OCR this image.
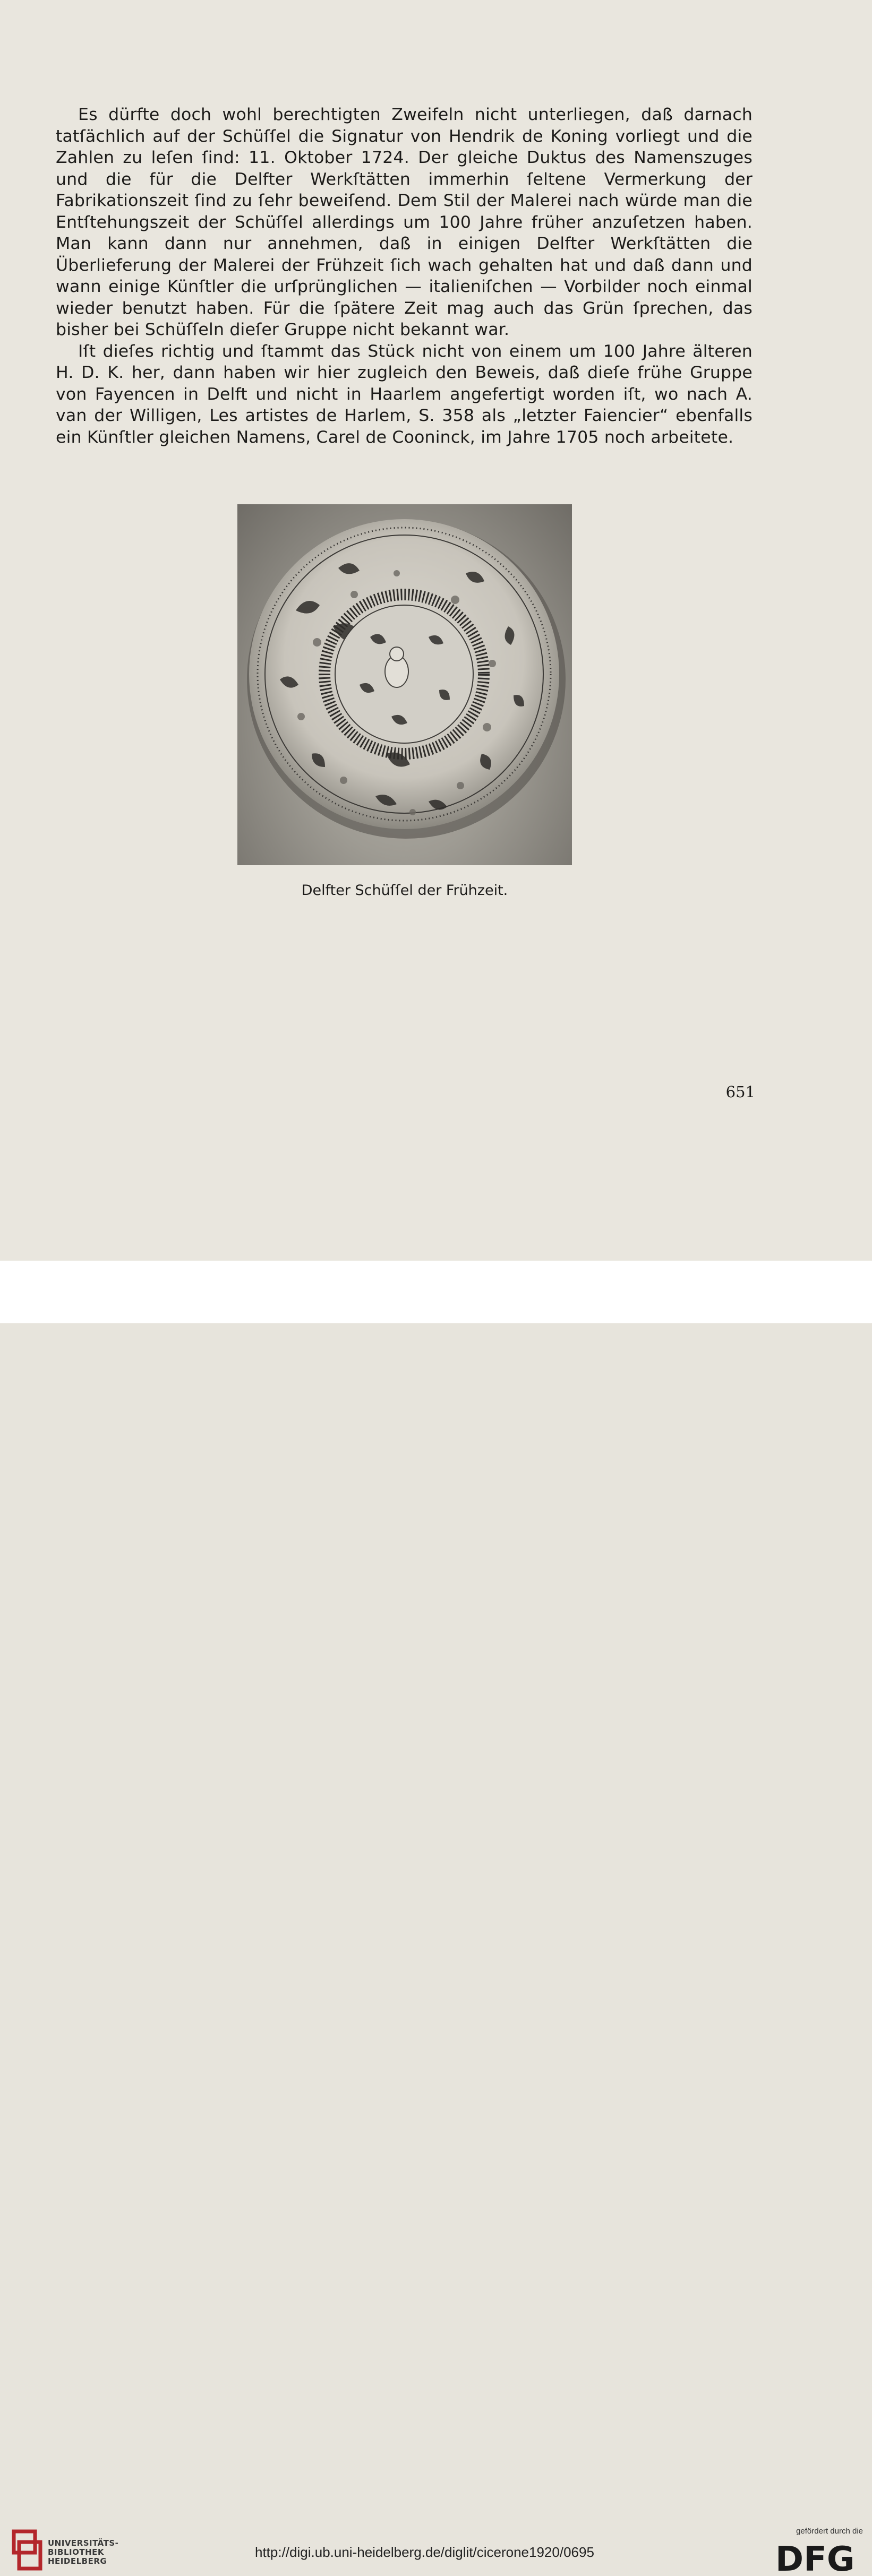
Es dürfte doch wohl berechtigten Zweifeln nicht unterliegen, daß darnach tatſächlich auf der Schüſſel die Signatur von Hendrik de Koning vorliegt und die Zahlen zu leſen ſind: 11. Oktober 1724. Der gleiche Duktus des Namenszuges und die für die Delfter Werkſtätten immerhin ſeltene Vermerkung der Fabrikationszeit ſind zu ſehr beweiſend. Dem Stil der Malerei nach würde man die Entſtehungszeit der Schüſſel allerdings um 100 Jahre früher anzuſetzen haben. Man kann dann nur annehmen, daß in einigen Delfter Werkſtätten die Überlieferung der Malerei der Frühzeit ſich wach gehalten hat und daß dann und wann einige Künſtler die urſprünglichen — italieniſchen — Vorbilder noch einmal wieder benutzt haben. Für die ſpätere Zeit mag auch das Grün ſprechen, das bisher bei Schüſſeln dieſer Gruppe nicht bekannt war.

Iſt dieſes richtig und ſtammt das Stück nicht von einem um 100 Jahre älteren H. D. K. her, dann haben wir hier zugleich den Beweis, daß dieſe frühe Gruppe von Fayencen in Delft und nicht in Haarlem angefertigt worden iſt, wo nach A. van der Willigen, Les artistes de Harlem, S. 358 als „letzter Faiencier“ ebenfalls ein Künſtler gleichen Namens, Carel de Cooninck, im Jahre 1705 noch arbeitete.

Delfter Schüſſel der Frühzeit.
651
UNIVERSITÄTS-
BIBLIOTHEK
HEIDELBERG
http://digi.ub.uni-heidelberg.de/diglit/cicerone1920/0695
gefördert durch die
DFG
